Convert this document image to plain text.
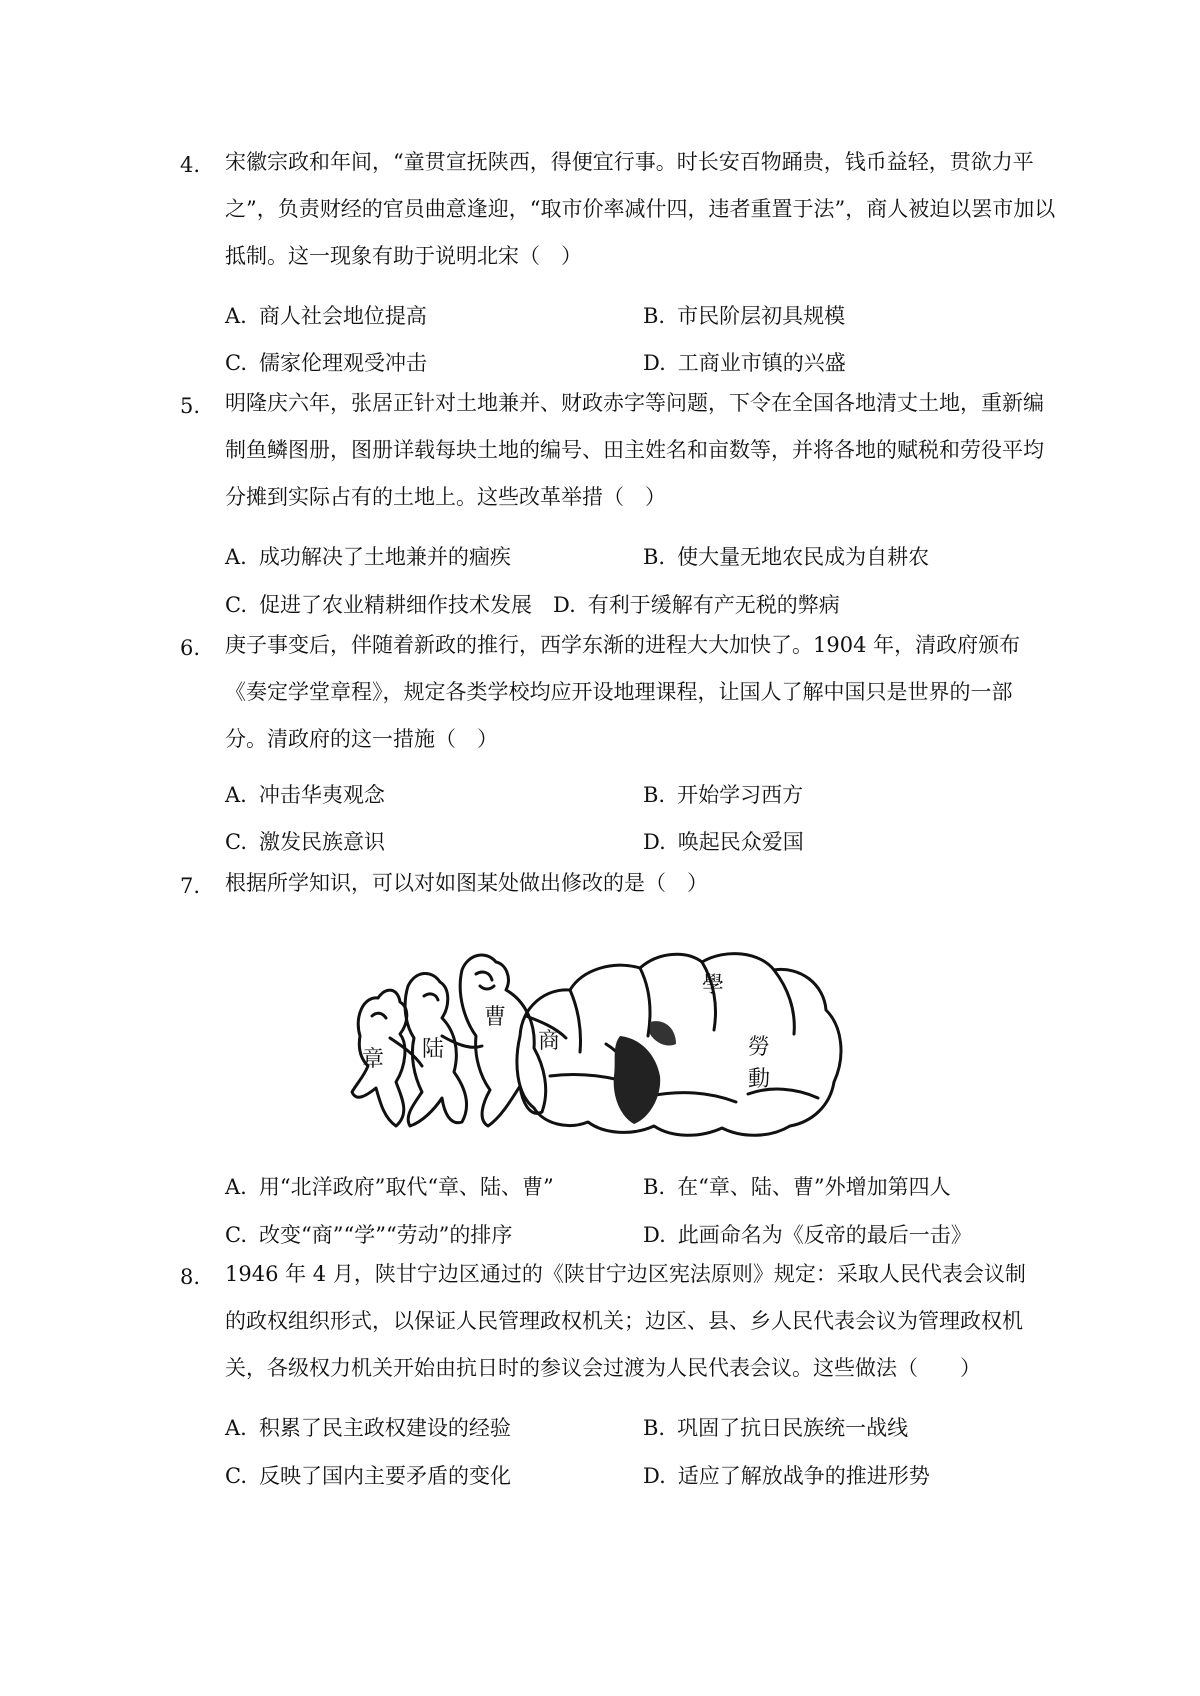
4.	宋徽宗政和年间，“童贯宣抚陕西，得便宜行事。时长安百物踊贵，钱币益轻，贯欲力平
之”，负责财经的官员曲意逢迎，“取市价率减什四，违者重置于法”，商人被迫以罢市加以
抵制。这一现象有助于说明北宋（　）
A. 商人社会地位提高	B. 市民阶层初具规模
C. 儒家伦理观受冲击	D. 工商业市镇的兴盛
5.	明隆庆六年，张居正针对土地兼并、财政赤字等问题，下令在全国各地清丈土地，重新编
制鱼鳞图册，图册详载每块土地的编号、田主姓名和亩数等，并将各地的赋税和劳役平均
分摊到实际占有的土地上。这些改革举措（　）
A. 成功解决了土地兼并的痼疾	B. 使大量无地农民成为自耕农
C. 促进了农业精耕细作技术发展 D. 有利于缓解有产无税的弊病
6.	庚子事变后，伴随着新政的推行，西学东渐的进程大大加快了。1904 年，清政府颁布
《奏定学堂章程》，规定各类学校均应开设地理课程，让国人了解中国只是世界的一部
分。清政府的这一措施（　）
A. 冲击华夷观念	B. 开始学习西方
C. 激发民族意识	D. 唤起民众爱国
7.	根据所学知识，可以对如图某处做出修改的是（　）
章 陆
曹
商
學
勞
動
A. 用“北洋政府”取代“章、陆、曹”	B. 在“章、陆、曹”外增加第四人
C. 改变“商”“学”“劳动”的排序	D. 此画命名为《反帝的最后一击》
8.	1946 年 4 月，陕甘宁边区通过的《陕甘宁边区宪法原则》规定：采取人民代表会议制
的政权组织形式，以保证人民管理政权机关；边区、县、乡人民代表会议为管理政权机
关，各级权力机关开始由抗日时的参议会过渡为人民代表会议。这些做法（　　）
A. 积累了民主政权建设的经验	B. 巩固了抗日民族统一战线
C. 反映了国内主要矛盾的变化	D. 适应了解放战争的推进形势
